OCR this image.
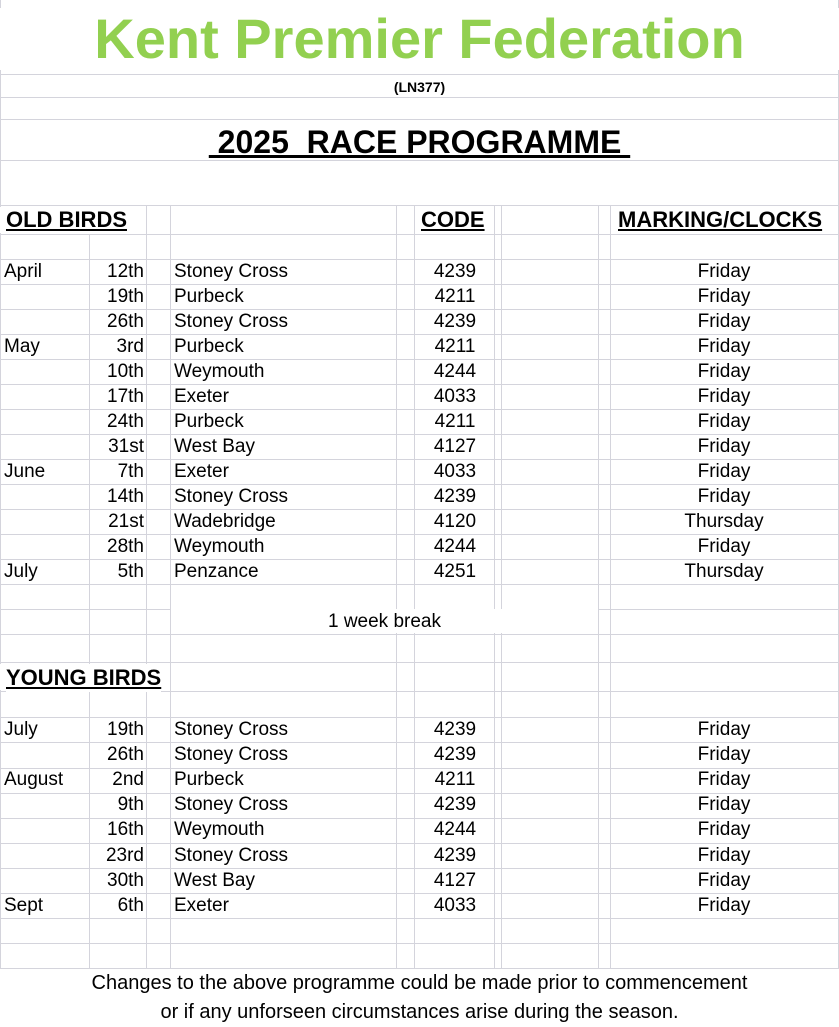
Kent Premier Federation
(LN377)
2025  RACE PROGRAMME
OLD BIRDS	CODE	MARKING/CLOCKS
April	12th Stoney Cross	4239	Friday
19th Purbeck	4211	Friday
26th Stoney Cross	4239	Friday
May	3rd Purbeck	4211	Friday
10th Weymouth	4244	Friday
17th Exeter	4033	Friday
24th Purbeck	4211	Friday
31st West Bay	4127	Friday
June	7th Exeter	4033	Friday
14th Stoney Cross	4239	Friday
21st Wadebridge	4120	Thursday
28th Weymouth	4244	Friday
July	5th Penzance	4251	Thursday
1 week break
YOUNG BIRDS
July	19th Stoney Cross	4239	Friday
26th Stoney Cross	4239	Friday
August	2nd Purbeck	4211	Friday
9th Stoney Cross	4239	Friday
16th Weymouth	4244	Friday
23rd Stoney Cross	4239	Friday
30th West Bay	4127	Friday
Sept	6th Exeter	4033	Friday
Changes to the above programme could be made prior to commencement
or if any unforseen circumstances arise during the season.
